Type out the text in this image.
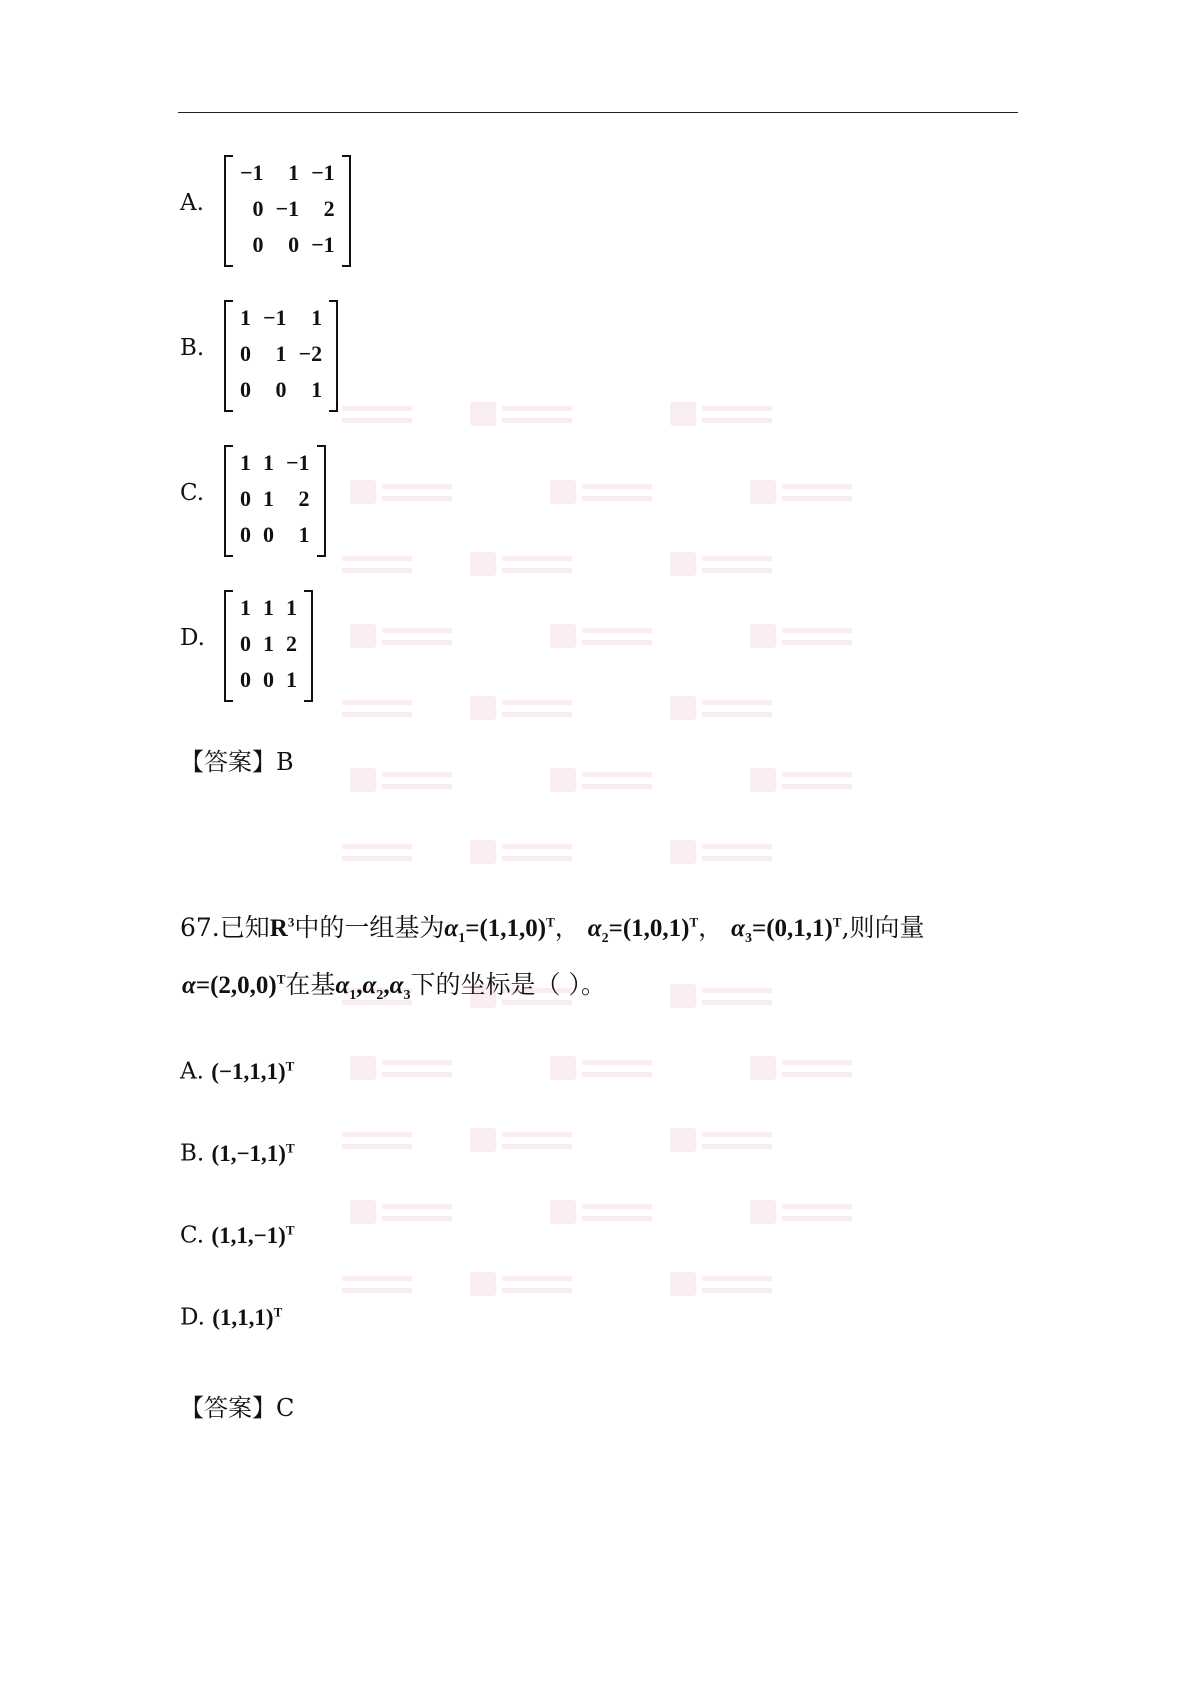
A.
−1	1	−1
0	−1	2
0	0	−1
B.
1	−1	1
0	1	−2
0	0	1
C.
1	1	−1
0	1	2
0	0	1
D.
1	1	1
0	1	2
0	0	1
【答案】B
67.已知$R^3$中的一组基为$\alpha_1=(1,1,0)^T$， $\alpha_2=(1,0,1)^T$， $\alpha_3=(0,1,1)^T$,则向量
$\alpha=(2,0,0)^T$在基$\alpha_1,\alpha_2,\alpha_3$下的坐标是（ ）。
A. $(-1,1,1)^T$
B. $(1,-1,1)^T$
C. $(1,1,-1)^T$
D. $(1,1,1)^T$
【答案】C
